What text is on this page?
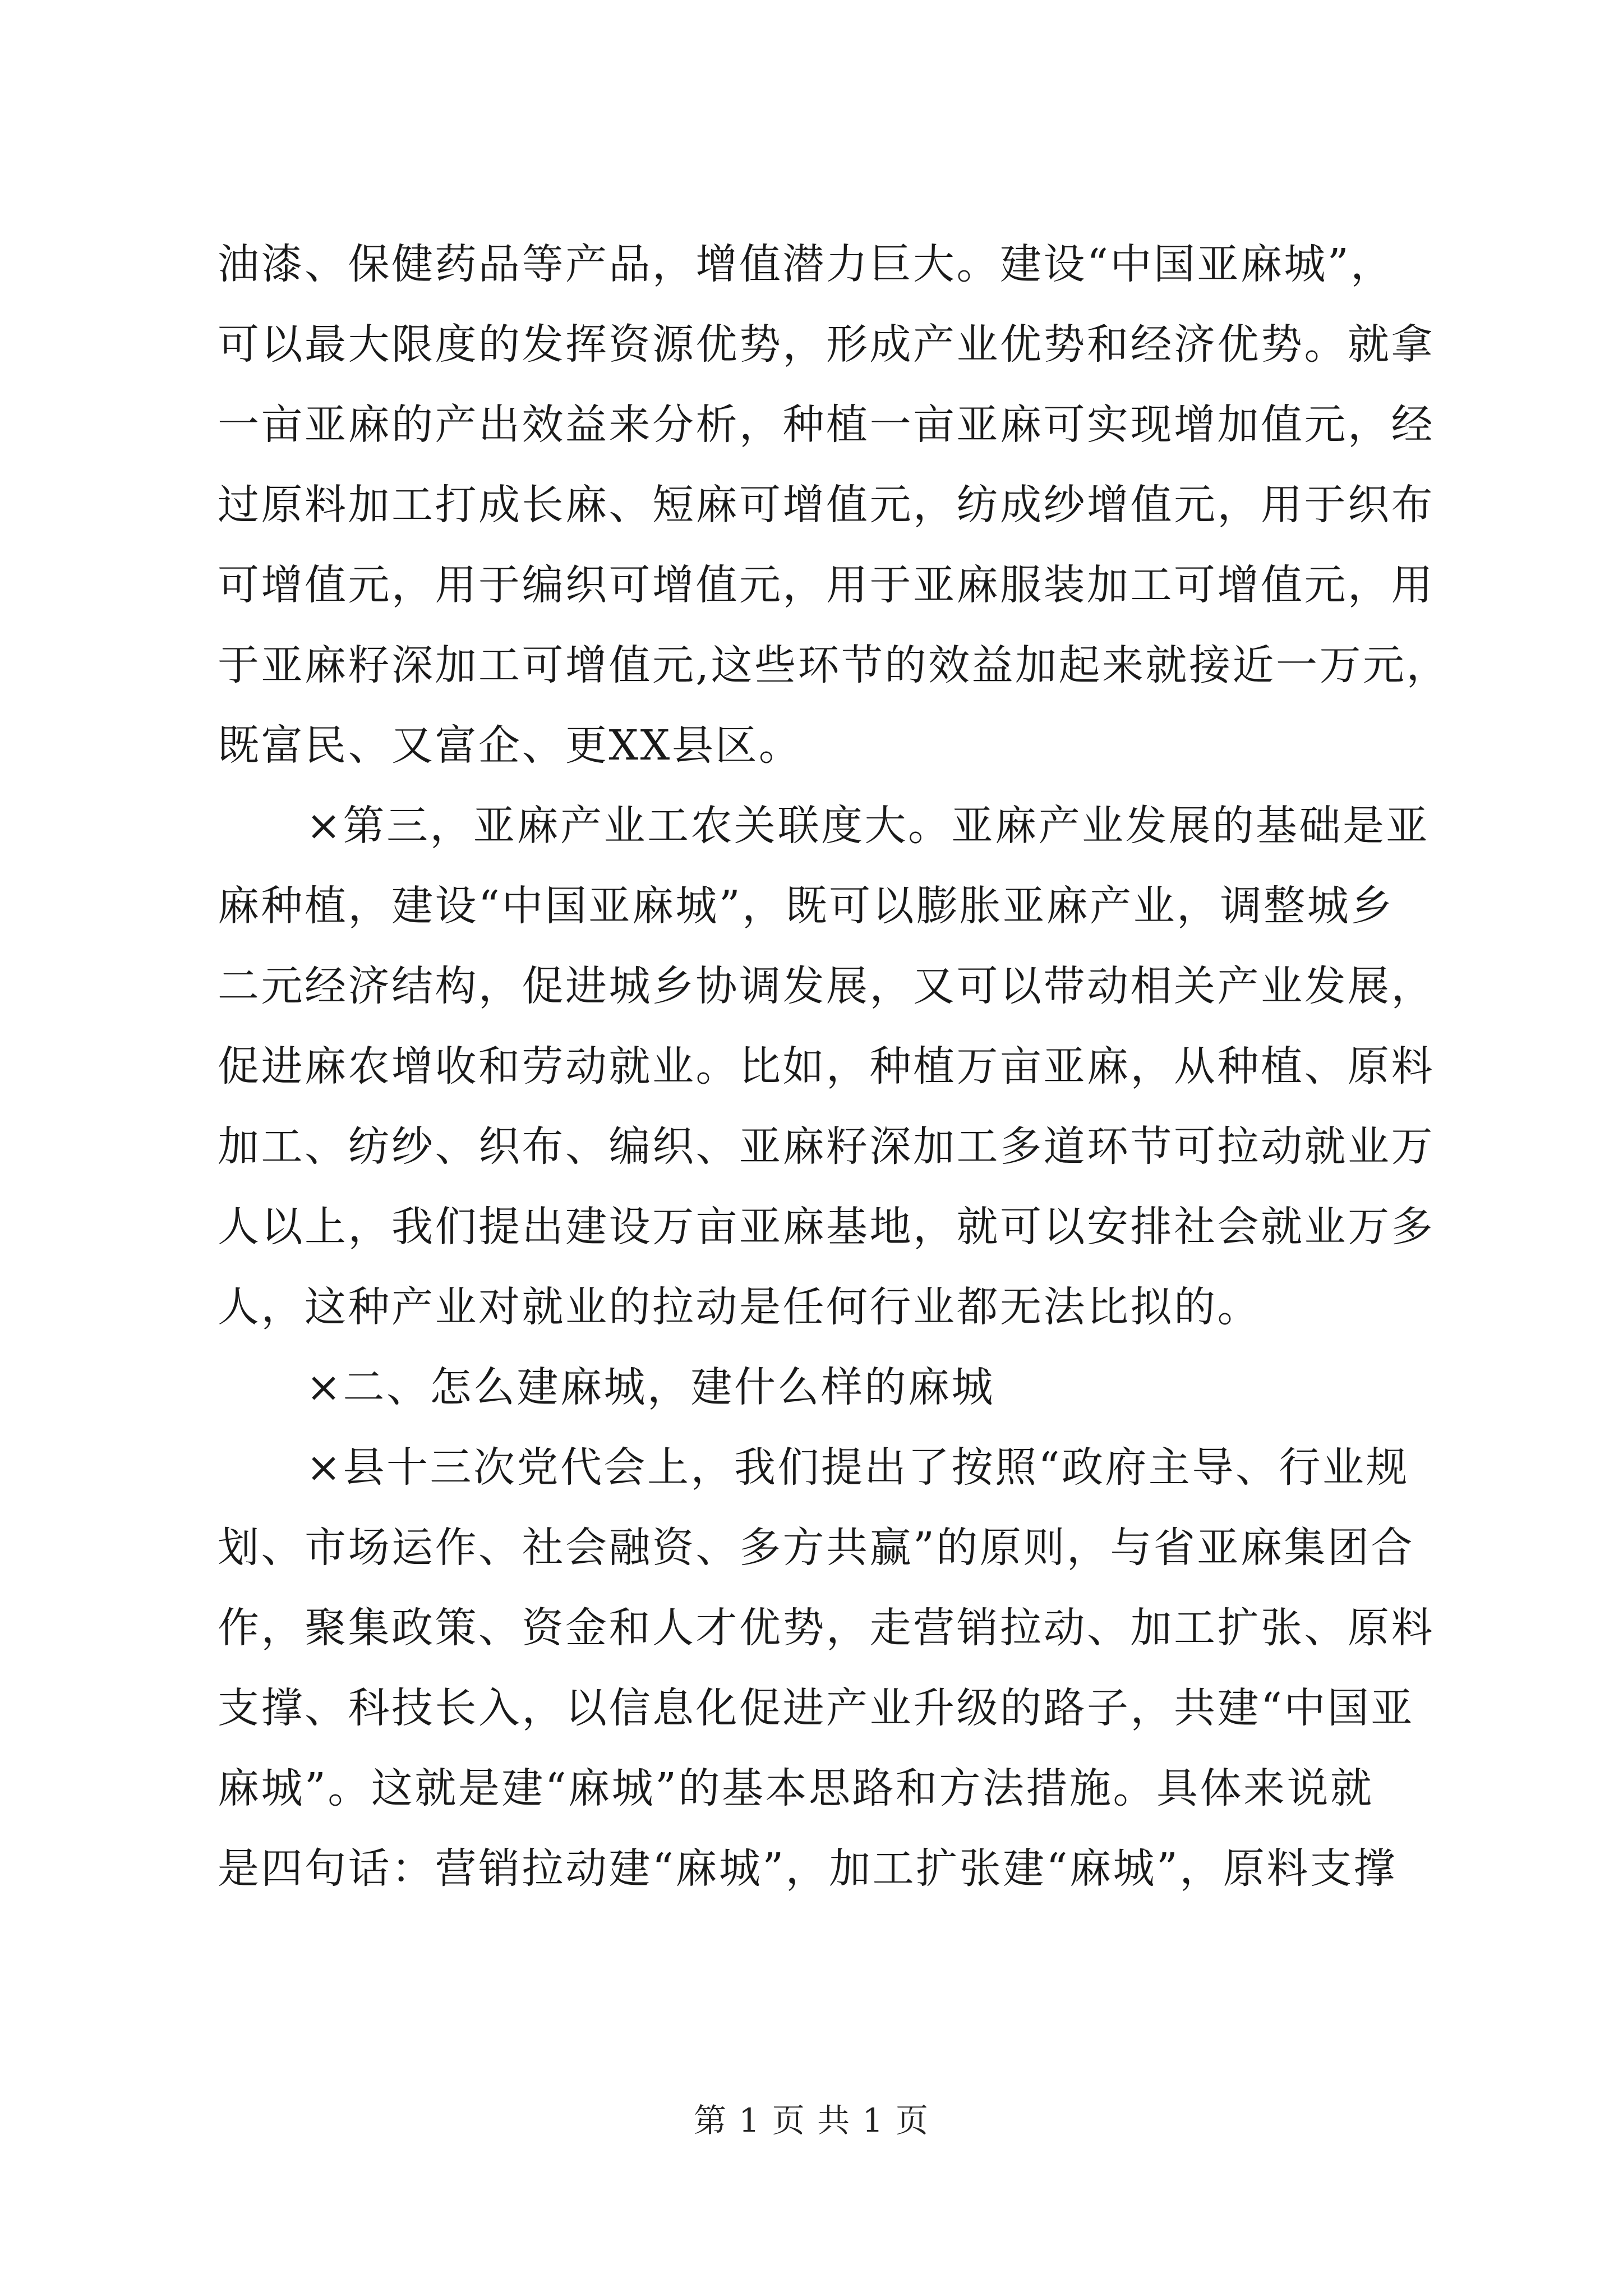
油漆、保健药品等产品，增值潜力巨大。建设“中国亚麻城”，
可以最大限度的发挥资源优势，形成产业优势和经济优势。就拿
一亩亚麻的产出效益来分析，种植一亩亚麻可实现增加值元，经
过原料加工打成长麻、短麻可增值元，纺成纱增值元，用于织布
可增值元，用于编织可增值元，用于亚麻服装加工可增值元，用
于亚麻籽深加工可增值元,这些环节的效益加起来就接近一万元，
既富民、又富企、更XX县区。
×第三，亚麻产业工农关联度大。亚麻产业发展的基础是亚
麻种植，建设“中国亚麻城”，既可以膨胀亚麻产业，调整城乡
二元经济结构，促进城乡协调发展，又可以带动相关产业发展，
促进麻农增收和劳动就业。比如，种植万亩亚麻，从种植、原料
加工、纺纱、织布、编织、亚麻籽深加工多道环节可拉动就业万
人以上，我们提出建设万亩亚麻基地，就可以安排社会就业万多
人，这种产业对就业的拉动是任何行业都无法比拟的。
×二、怎么建麻城，建什么样的麻城
×县十三次党代会上，我们提出了按照“政府主导、行业规
划、市场运作、社会融资、多方共赢”的原则，与省亚麻集团合
作，聚集政策、资金和人才优势，走营销拉动、加工扩张、原料
支撑、科技长入，以信息化促进产业升级的路子，共建“中国亚
麻城”。这就是建“麻城”的基本思路和方法措施。具体来说就
是四句话：营销拉动建“麻城”，加工扩张建“麻城”，原料支撑
第 1 页 共 1 页
